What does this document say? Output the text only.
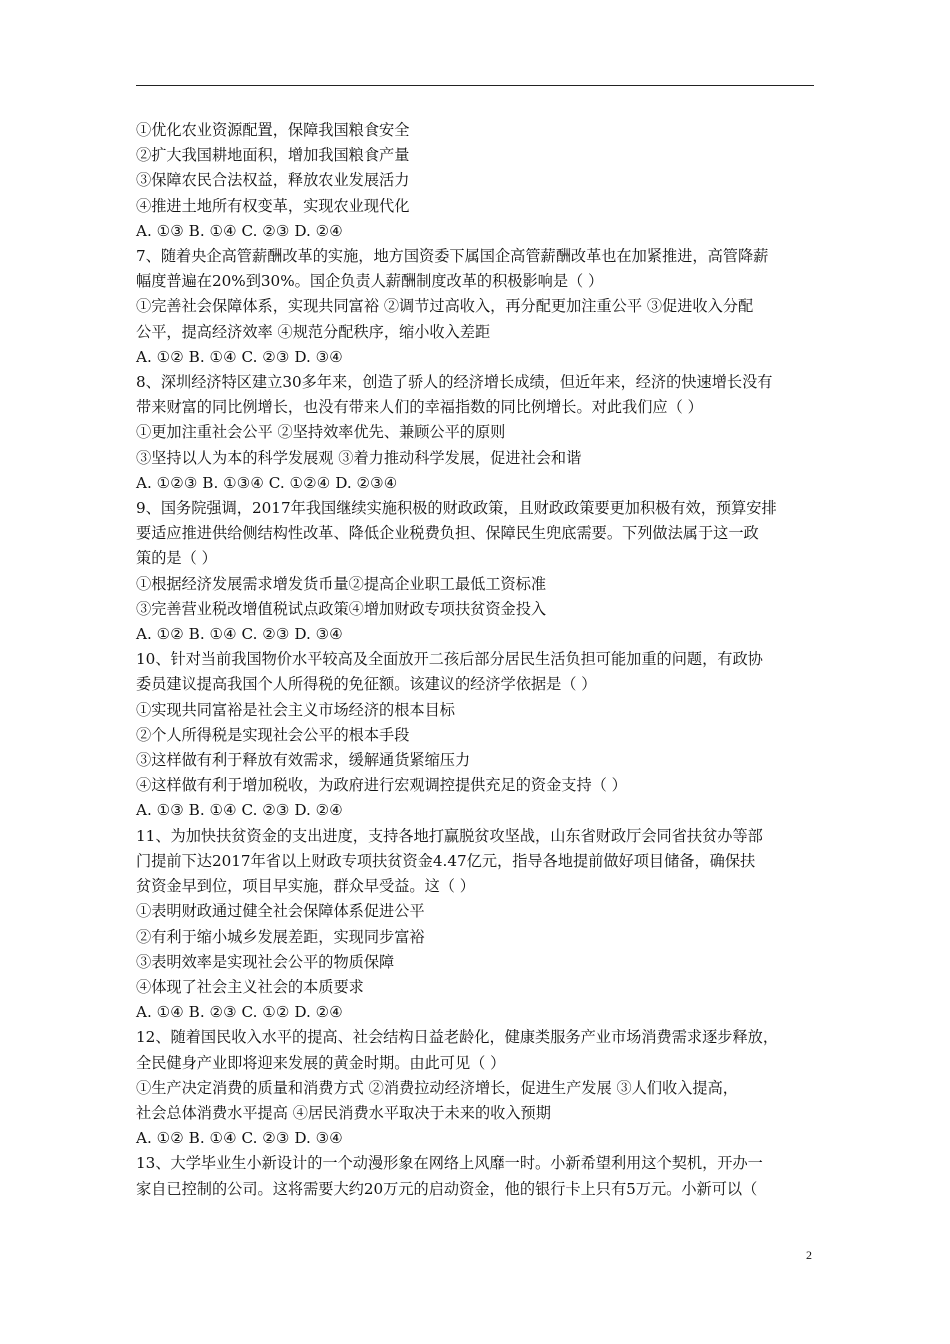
①优化农业资源配置，保障我国粮食安全
②扩大我国耕地面积，增加我国粮食产量
③保障农民合法权益，释放农业发展活力
④推进土地所有权变革，实现农业现代化
A. ①③ B. ①④ C. ②③ D. ②④
7、随着央企高管薪酬改革的实施，地方国资委下属国企高管薪酬改革也在加紧推进，高管降薪
幅度普遍在20%到30%。国企负责人薪酬制度改革的积极影响是（ ）
①完善社会保障体系，实现共同富裕 ②调节过高收入，再分配更加注重公平 ③促进收入分配
公平，提高经济效率 ④规范分配秩序，缩小收入差距
A. ①② B. ①④ C. ②③ D. ③④
8、深圳经济特区建立30多年来，创造了骄人的经济增长成绩，但近年来，经济的快速增长没有
带来财富的同比例增长，也没有带来人们的幸福指数的同比例增长。对此我们应（ ）
①更加注重社会公平 ②坚持效率优先、兼顾公平的原则
③坚持以人为本的科学发展观 ③着力推动科学发展，促进社会和谐
A. ①②③ B. ①③④ C. ①②④ D. ②③④
9、国务院强调，2017年我国继续实施积极的财政政策，且财政政策要更加积极有效，预算安排
要适应推进供给侧结构性改革、降低企业税费负担、保障民生兜底需要。下列做法属于这一政
策的是（ ）
①根据经济发展需求增发货币量②提高企业职工最低工资标准
③完善营业税改增值税试点政策④增加财政专项扶贫资金投入
A. ①② B. ①④ C. ②③ D. ③④
10、针对当前我国物价水平较高及全面放开二孩后部分居民生活负担可能加重的问题，有政协
委员建议提高我国个人所得税的免征额。该建议的经济学依据是（ ）
①实现共同富裕是社会主义市场经济的根本目标
②个人所得税是实现社会公平的根本手段
③这样做有利于释放有效需求，缓解通货紧缩压力
④这样做有利于增加税收，为政府进行宏观调控提供充足的资金支持（ ）
A. ①③ B. ①④ C. ②③ D. ②④
11、为加快扶贫资金的支出进度，支持各地打赢脱贫攻坚战，山东省财政厅会同省扶贫办等部
门提前下达2017年省以上财政专项扶贫资金4.47亿元，指导各地提前做好项目储备，确保扶
贫资金早到位，项目早实施，群众早受益。这（ ）
①表明财政通过健全社会保障体系促进公平
②有利于缩小城乡发展差距，实现同步富裕
③表明效率是实现社会公平的物质保障
④体现了社会主义社会的本质要求
A. ①④ B. ②③ C. ①② D. ②④
12、随着国民收入水平的提高、社会结构日益老龄化，健康类服务产业市场消费需求逐步释放，
全民健身产业即将迎来发展的黄金时期。由此可见（ ）
①生产决定消费的质量和消费方式 ②消费拉动经济增长，促进生产发展 ③人们收入提高，
社会总体消费水平提高 ④居民消费水平取决于未来的收入预期
A. ①② B. ①④ C. ②③ D. ③④
13、大学毕业生小新设计的一个动漫形象在网络上风靡一时。小新希望利用这个契机，开办一
家自已控制的公司。这将需要大约20万元的启动资金，他的银行卡上只有5万元。小新可以（
2
